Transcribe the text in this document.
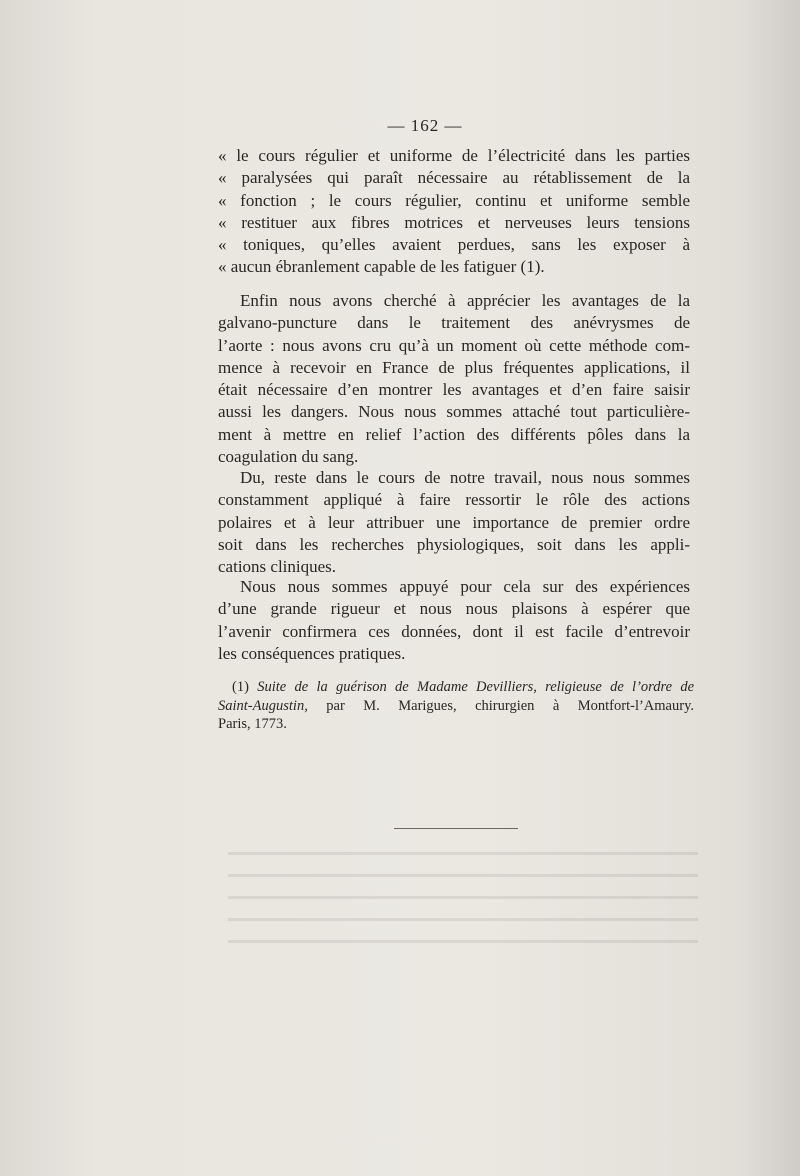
— 162 —
« le cours régulier et uniforme de l’électricité dans les parties
« paralysées qui paraît nécessaire au rétablissement de la
« fonction ; le cours régulier, continu et uniforme semble
« restituer aux fibres motrices et nerveuses leurs tensions
« toniques, qu’elles avaient perdues, sans les exposer à
« aucun ébranlement capable de les fatiguer (1).
Enfin nous avons cherché à apprécier les avantages de la
galvano-puncture dans le traitement des anévrysmes de
l’aorte : nous avons cru qu’à un moment où cette méthode com-
mence à recevoir en France de plus fréquentes applications, il
était nécessaire d’en montrer les avantages et d’en faire saisir
aussi les dangers. Nous nous sommes attaché tout particulière-
ment à mettre en relief l’action des différents pôles dans la
coagulation du sang.
Du, reste dans le cours de notre travail, nous nous sommes
constamment appliqué à faire ressortir le rôle des actions
polaires et à leur attribuer une importance de premier ordre
soit dans les recherches physiologiques, soit dans les appli-
cations cliniques.
Nous nous sommes appuyé pour cela sur des expériences
d’une grande rigueur et nous nous plaisons à espérer que
l’avenir confirmera ces données, dont il est facile d’entrevoir
les conséquences pratiques.
(1) Suite de la guérison de Madame Devilliers, religieuse de l’ordre de
Saint-Augustin, par M. Marigues, chirurgien à Montfort-l’Amaury.
Paris, 1773.
